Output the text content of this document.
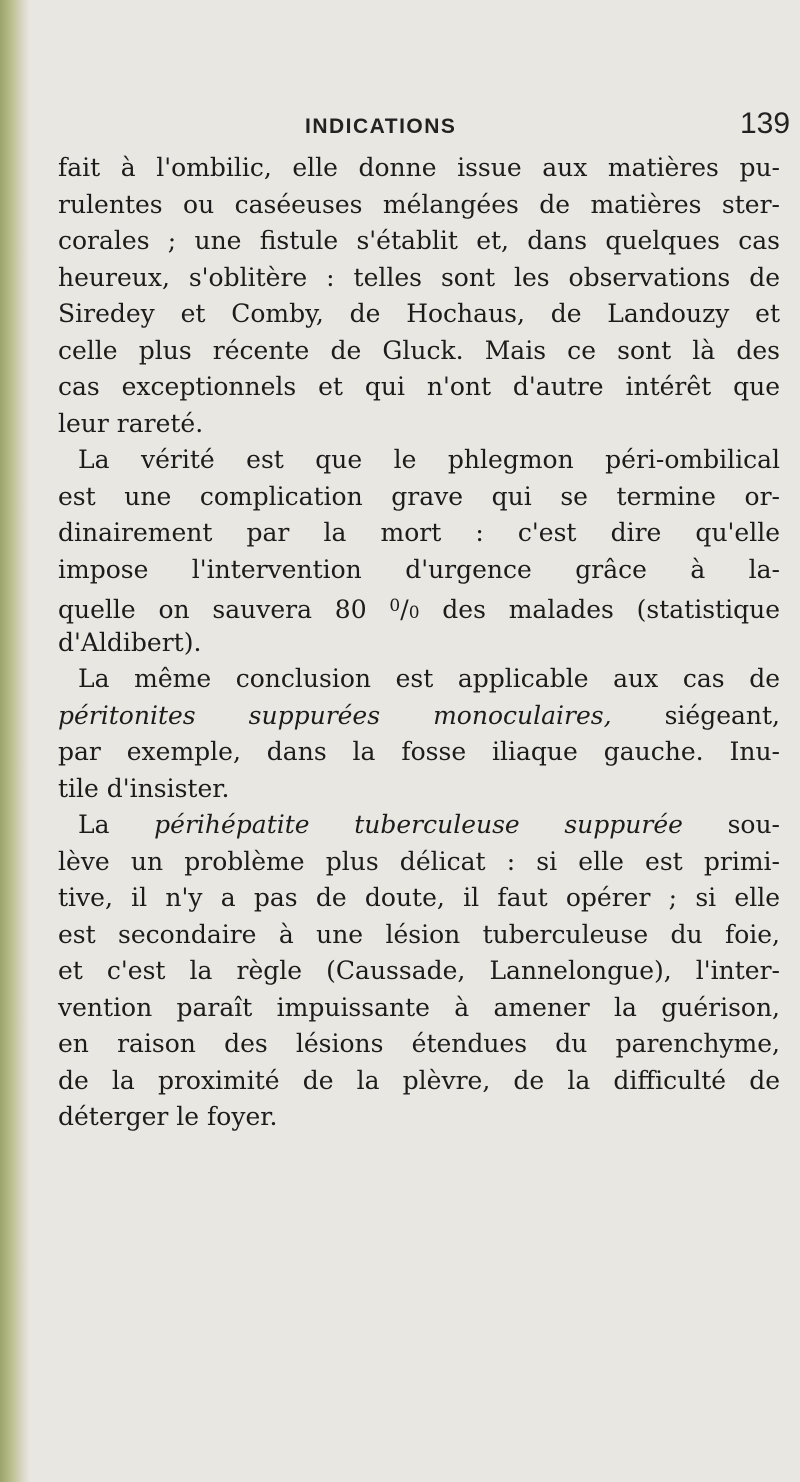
INDICATIONS	139
fait à l'ombilic, elle donne issue aux matières pu-
rulentes ou caséeuses mélangées de matières ster-
corales ; une fistule s'établit et, dans quelques cas
heureux, s'oblitère : telles sont les observations de
Siredey et Comby, de Hochaus, de Landouzy et
celle plus récente de Gluck. Mais ce sont là des
cas exceptionnels et qui n'ont d'autre intérêt que
leur rareté.
La vérité est que le phlegmon péri-ombilical
est une complication grave qui se termine or-
dinairement par la mort : c'est dire qu'elle
impose l'intervention d'urgence grâce à la-
quelle on sauvera 80 $^0$/0 des malades (statistique
d'Aldibert).
La même conclusion est applicable aux cas de
péritonites suppurées monoculaires, siégeant,
par exemple, dans la fosse iliaque gauche. Inu-
tile d'insister.
La périhépatite tuberculeuse suppurée sou-
lève un problème plus délicat : si elle est primi-
tive, il n'y a pas de doute, il faut opérer ; si elle
est secondaire à une lésion tuberculeuse du foie,
et c'est la règle (Caussade, Lannelongue), l'inter-
vention paraît impuissante à amener la guérison,
en raison des lésions étendues du parenchyme,
de la proximité de la plèvre, de la difficulté de
déterger le foyer.
